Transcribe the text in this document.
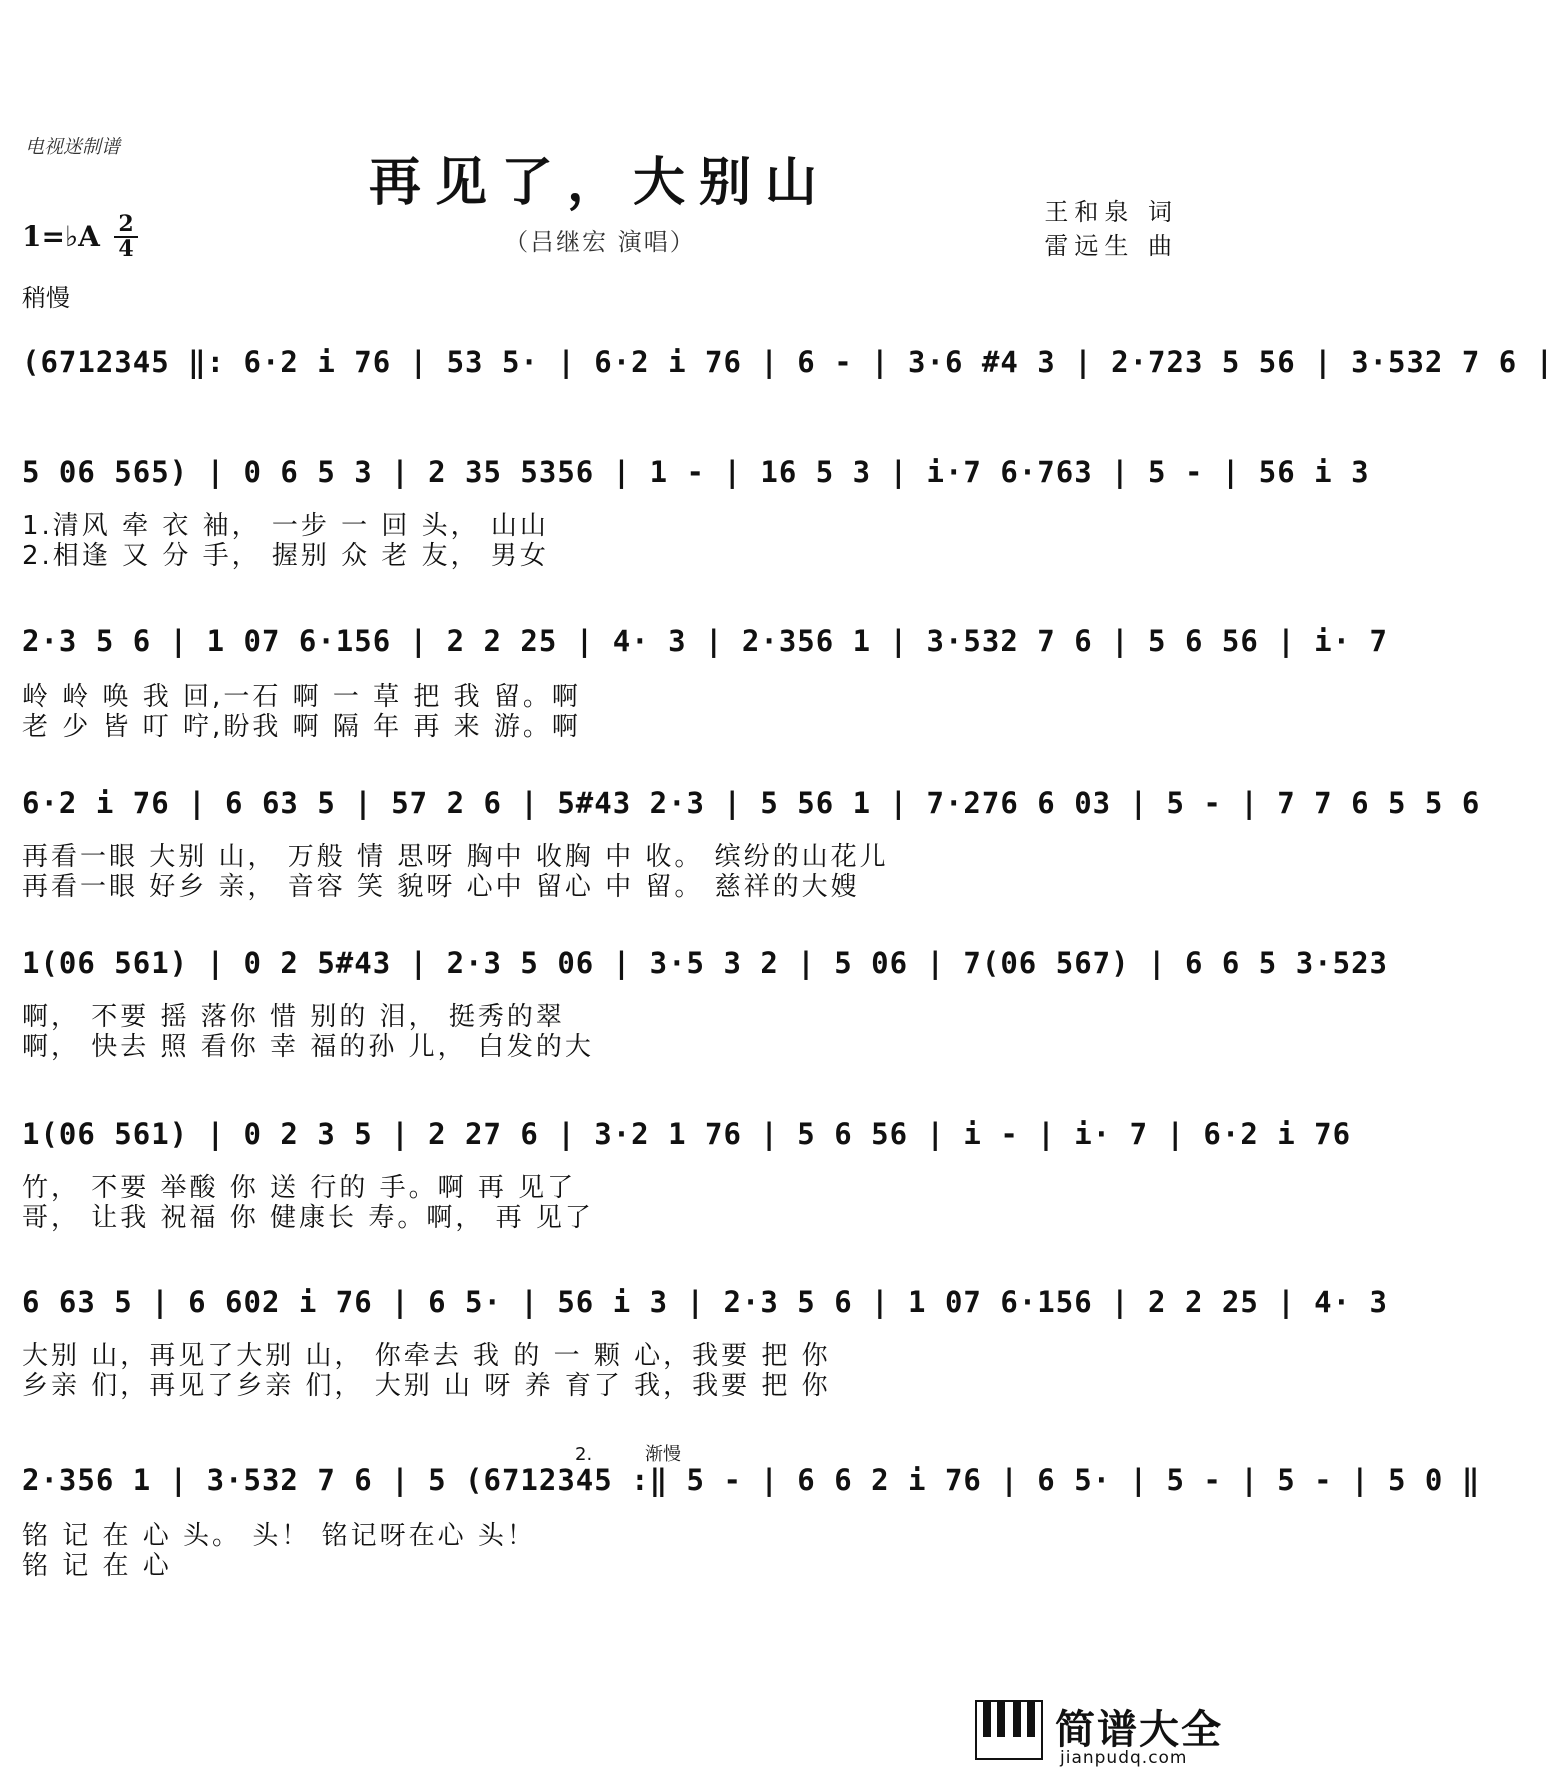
电视迷制谱
再见了，大别山
（吕继宏 演唱）
王和泉 词
雷远生 曲
1=♭A 2
4
稍慢
(6712345 ‖: 6·2 i 76 | 53 5· | 6·2 i 76 | 6 - | 3·6 #4 3 | 2·723 5 56 | 3·532 7 6 |
5 06 565) | 0 6 5 3 | 2 35 5356 | 1 - | 16 5 3 | i·7 6·763 | 5 - | 56 i 3
1.清风 牵 衣 袖， 一步 一 回 头， 山山
2.相逢 又 分 手， 握别 众 老 友， 男女
2·3 5 6 | 1 07 6·156 | 2 2 25 | 4· 3 | 2·356 1 | 3·532 7 6 | 5 6 56 | i· 7
岭 岭 唤 我 回,一石 啊 一 草 把 我 留。啊
老 少 皆 叮 咛,盼我 啊 隔 年 再 来 游。啊
6·2 i 76 | 6 63 5 | 57 2 6 | 5#43 2·3 | 5 56 1 | 7·276 6 03 | 5 - | 7 7 6 5 5 6
再看一眼 大别 山， 万般 情 思呀 胸中 收胸 中 收。 缤纷的山花儿
再看一眼 好乡 亲， 音容 笑 貌呀 心中 留心 中 留。 慈祥的大嫂
1(06 561) | 0 2 5#43 | 2·3 5 06 | 3·5 3 2 | 5 06 | 7(06 567) | 6 6 5 3·523
啊， 不要 摇 落你 惜 别的 泪， 挺秀的翠
啊， 快去 照 看你 幸 福的孙 儿， 白发的大
1(06 561) | 0 2 3 5 | 2 27 6 | 3·2 1 76 | 5 6 56 | i - | i· 7 | 6·2 i 76
竹， 不要 举酸 你 送 行的 手。啊 再 见了
哥， 让我 祝福 你 健康长 寿。啊， 再 见了
6 63 5 | 6 602 i 76 | 6 5· | 56 i 3 | 2·3 5 6 | 1 07 6·156 | 2 2 25 | 4· 3
大别 山，再见了大别 山， 你牵去 我 的 一 颗 心，我要 把 你
乡亲 们，再见了乡亲 们， 大别 山 呀 养 育了 我，我要 把 你
2.	渐慢
2·356 1 | 3·532 7 6 | 5 (6712345 :‖ 5 - | 6 6 2 i 76 | 6 5· | 5 - | 5 - | 5 0 ‖
铭 记 在 心 头。 头！ 铭记呀在心 头！
铭 记 在 心
简谱大全
jianpudq.com
